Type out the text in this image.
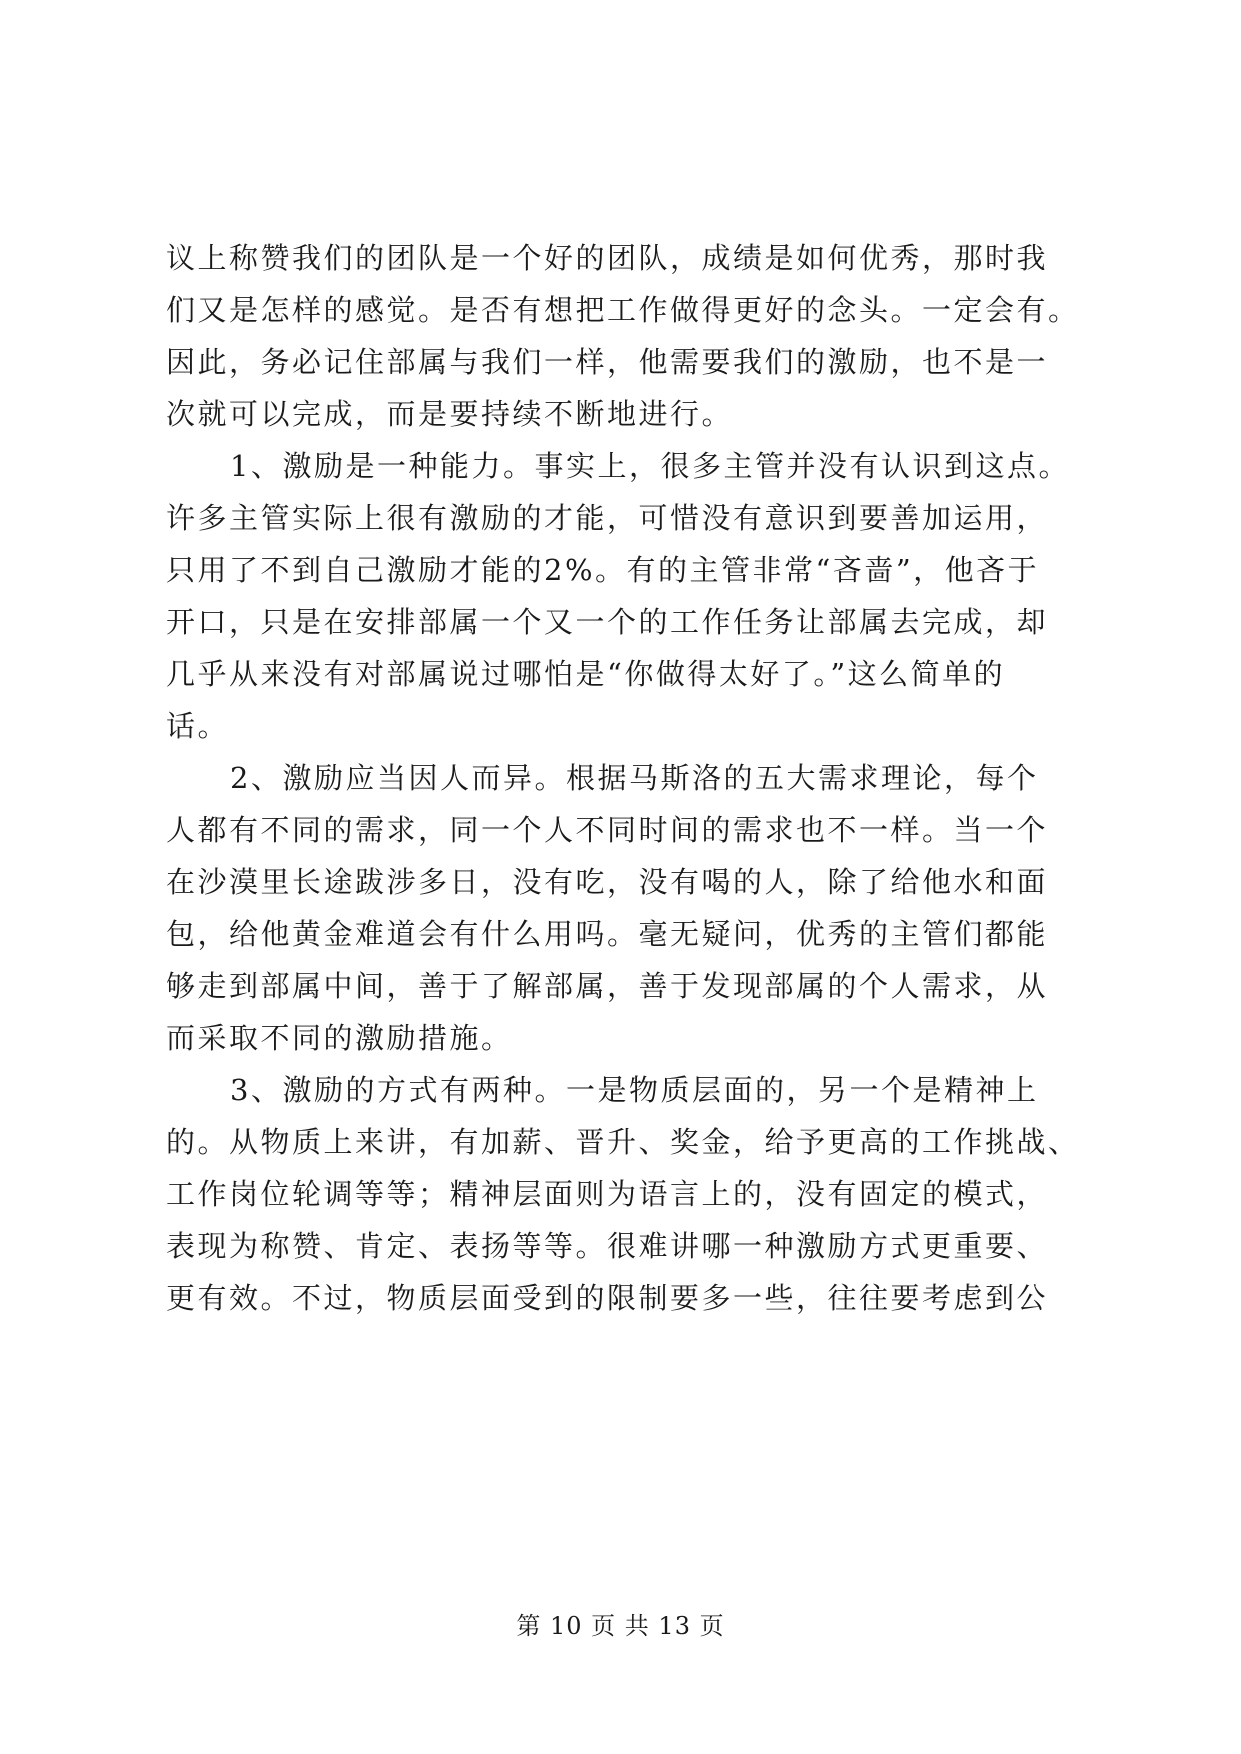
议上称赞我们的团队是一个好的团队，成绩是如何优秀，那时我
们又是怎样的感觉。是否有想把工作做得更好的念头。一定会有。
因此，务必记住部属与我们一样，他需要我们的激励，也不是一
次就可以完成，而是要持续不断地进行。

1、激励是一种能力。事实上，很多主管并没有认识到这点。
许多主管实际上很有激励的才能，可惜没有意识到要善加运用，
只用了不到自己激励才能的2%。有的主管非常“吝啬”，他吝于
开口，只是在安排部属一个又一个的工作任务让部属去完成，却
几乎从来没有对部属说过哪怕是“你做得太好了。”这么简单的
话。

2、激励应当因人而异。根据马斯洛的五大需求理论，每个
人都有不同的需求，同一个人不同时间的需求也不一样。当一个
在沙漠里长途跋涉多日，没有吃，没有喝的人，除了给他水和面
包，给他黄金难道会有什么用吗。毫无疑问，优秀的主管们都能
够走到部属中间，善于了解部属，善于发现部属的个人需求，从
而采取不同的激励措施。

3、激励的方式有两种。一是物质层面的，另一个是精神上
的。从物质上来讲，有加薪、晋升、奖金，给予更高的工作挑战、
工作岗位轮调等等；精神层面则为语言上的，没有固定的模式，
表现为称赞、肯定、表扬等等。很难讲哪一种激励方式更重要、
更有效。不过，物质层面受到的限制要多一些，往往要考虑到公

第 10 页 共 13 页
